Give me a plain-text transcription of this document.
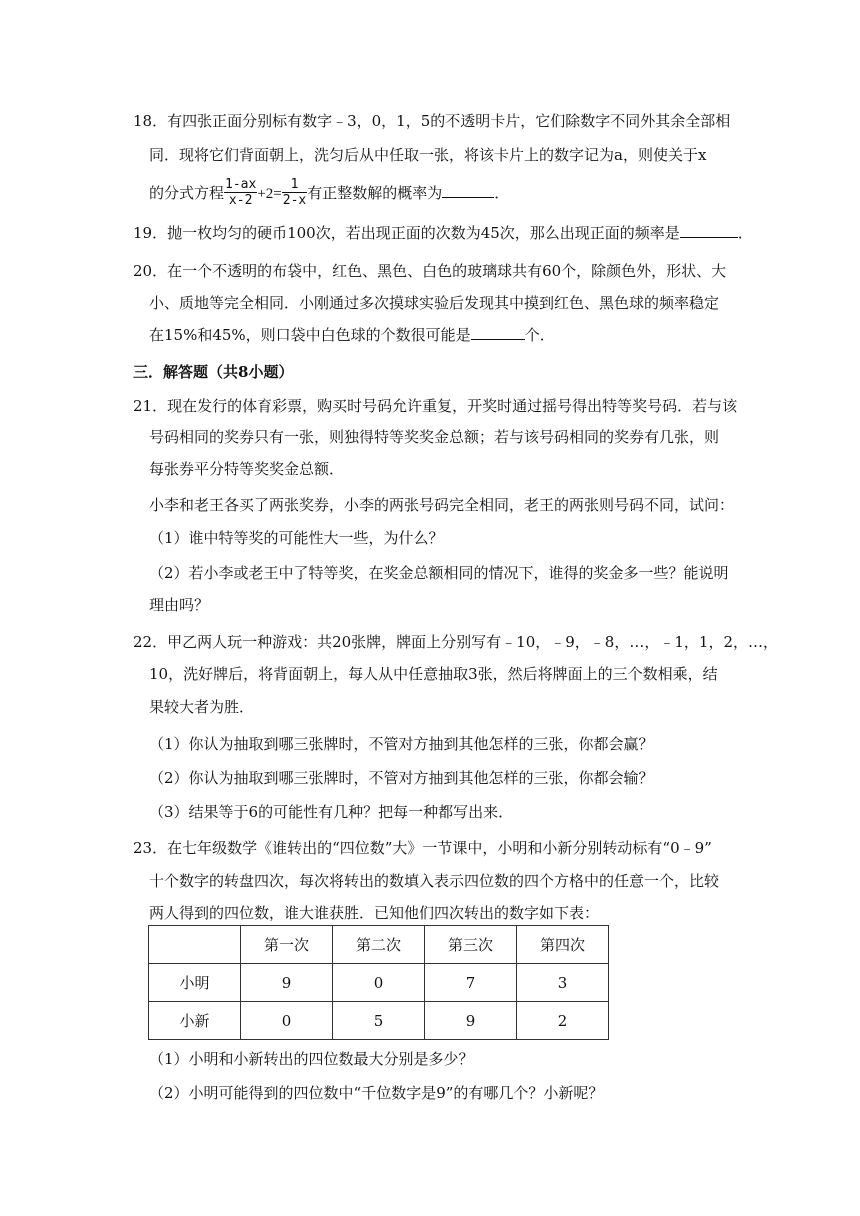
18．有四张正面分别标有数字﹣3，0，1，5的不透明卡片，它们除数字不同外其余全部相
同．现将它们背面朝上，洗匀后从中任取一张，将该卡片上的数字记为a，则使关于x
的分式方程 $\frac{1-ax}{x-2} +2= \frac{1}{2-x}$ 有正整数解的概率为	．
19．抛一枚均匀的硬币100次，若出现正面的次数为45次，那么出现正面的频率是	．
20．在一个不透明的布袋中，红色、黑色、白色的玻璃球共有60个，除颜色外，形状、大
小、质地等完全相同．小刚通过多次摸球实验后发现其中摸到红色、黑色球的频率稳定
在15%和45%，则口袋中白色球的个数很可能是	个．
三．解答题（共8小题）
21．现在发行的体育彩票，购买时号码允许重复，开奖时通过摇号得出特等奖号码．若与该
号码相同的奖券只有一张，则独得特等奖奖金总额；若与该号码相同的奖券有几张，则
每张券平分特等奖奖金总额．
小李和老王各买了两张奖券，小李的两张号码完全相同，老王的两张则号码不同，试问：
（1）谁中特等奖的可能性大一些，为什么？
（2）若小李或老王中了特等奖，在奖金总额相同的情况下，谁得的奖金多一些？能说明
理由吗？
22．甲乙两人玩一种游戏：共20张牌，牌面上分别写有﹣10，﹣9，﹣8，…，﹣1，1，2，…，
10，洗好牌后，将背面朝上，每人从中任意抽取3张，然后将牌面上的三个数相乘，结
果较大者为胜．
（1）你认为抽取到哪三张牌时，不管对方抽到其他怎样的三张，你都会赢？
（2）你认为抽取到哪三张牌时，不管对方抽到其他怎样的三张，你都会输？
（3）结果等于6的可能性有几种？把每一种都写出来．
23．在七年级数学《谁转出的“四位数”大》一节课中，小明和小新分别转动标有“0﹣9”
十个数字的转盘四次，每次将转出的数填入表示四位数的四个方格中的任意一个，比较
两人得到的四位数，谁大谁获胜．已知他们四次转出的数字如下表：
	第一次	第二次	第三次	第四次
小明	9	0	7	3
小新	0	5	9	2
（1）小明和小新转出的四位数最大分别是多少？
（2）小明可能得到的四位数中“千位数字是9”的有哪几个？小新呢？
